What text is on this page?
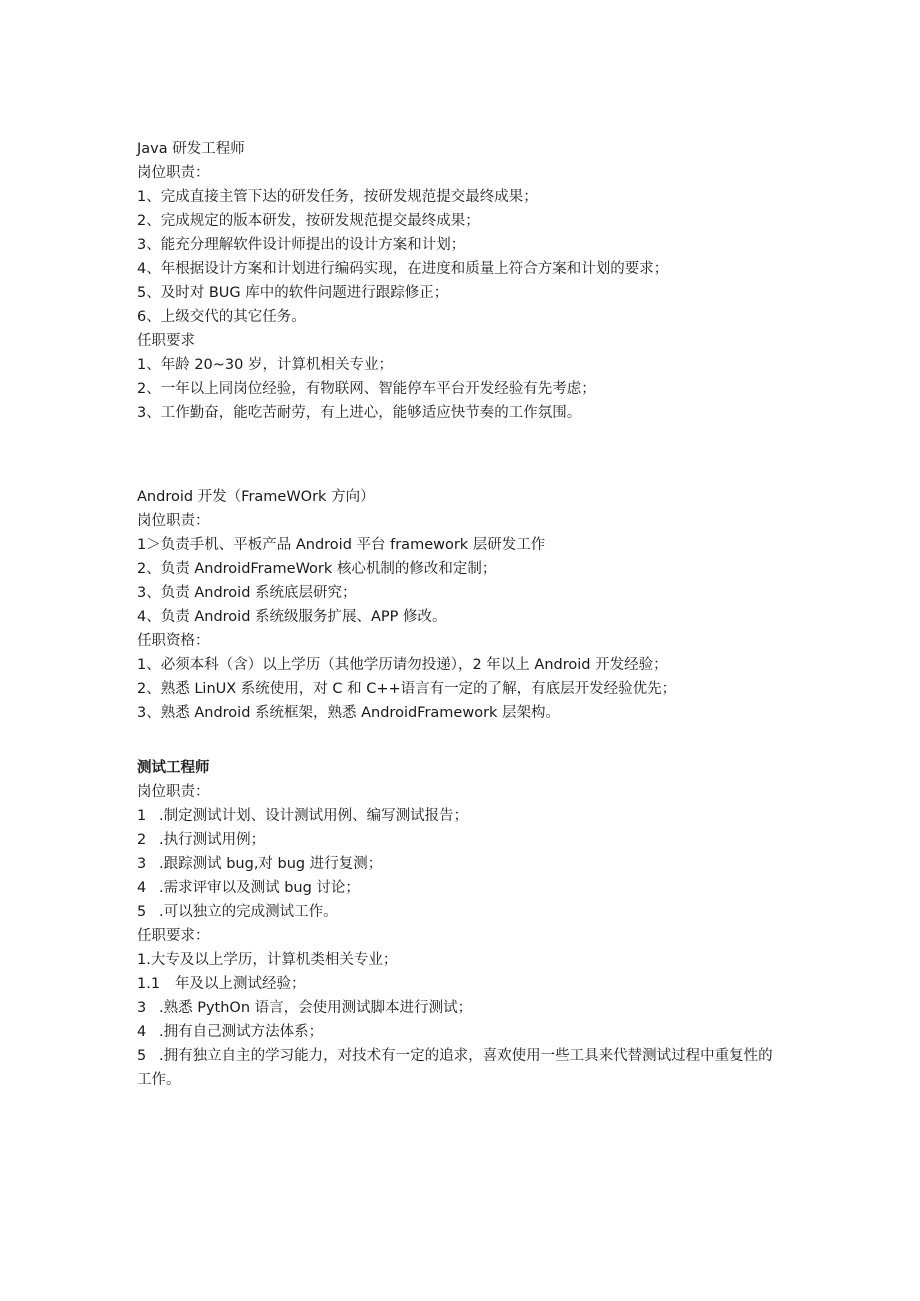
Java 研发工程师
岗位职责：
1、完成直接主管下达的研发任务，按研发规范提交最终成果；
2、完成规定的版本研发，按研发规范提交最终成果；
3、能充分理解软件设计师提出的设计方案和计划；
4、年根据设计方案和计划进行编码实现，在进度和质量上符合方案和计划的要求；
5、及时对 BUG 库中的软件问题进行跟踪修正；
6、上级交代的其它任务。
任职要求
1、年龄 20~30 岁，计算机相关专业；
2、一年以上同岗位经验，有物联网、智能停车平台开发经验有先考虑；
3、工作勤奋，能吃苦耐劳，有上进心，能够适应快节奏的工作氛围。
Android 开发（FrameWOrk 方向）
岗位职责：
1＞负责手机、平板产品 Android 平台 framework 层研发工作
2、负责 AndroidFrameWork 核心机制的修改和定制；
3、负责 Android 系统底层研究；
4、负责 Android 系统级服务扩展、APP 修改。
任职资格：
1、必须本科（含）以上学历（其他学历请勿投递），2 年以上 Android 开发经验；
2、熟悉 LinUX 系统使用，对 C 和 C++语言有一定的了解，有底层开发经验优先；
3、熟悉 Android 系统框架，熟悉 AndroidFramework 层架构。
测试工程师
岗位职责：
1 .制定测试计划、设计测试用例、编写测试报告；
2 .执行测试用例；
3 .跟踪测试 bug,对 bug 进行复测；
4 .需求评审以及测试 bug 讨论；
5 .可以独立的完成测试工作。
任职要求：
1.大专及以上学历，计算机类相关专业；
1.1 年及以上测试经验；
3 .熟悉 PythOn 语言，会使用测试脚本进行测试；
4 .拥有自己测试方法体系；
5 .拥有独立自主的学习能力，对技术有一定的追求，喜欢使用一些工具来代替测试过程中重复性的工作。
